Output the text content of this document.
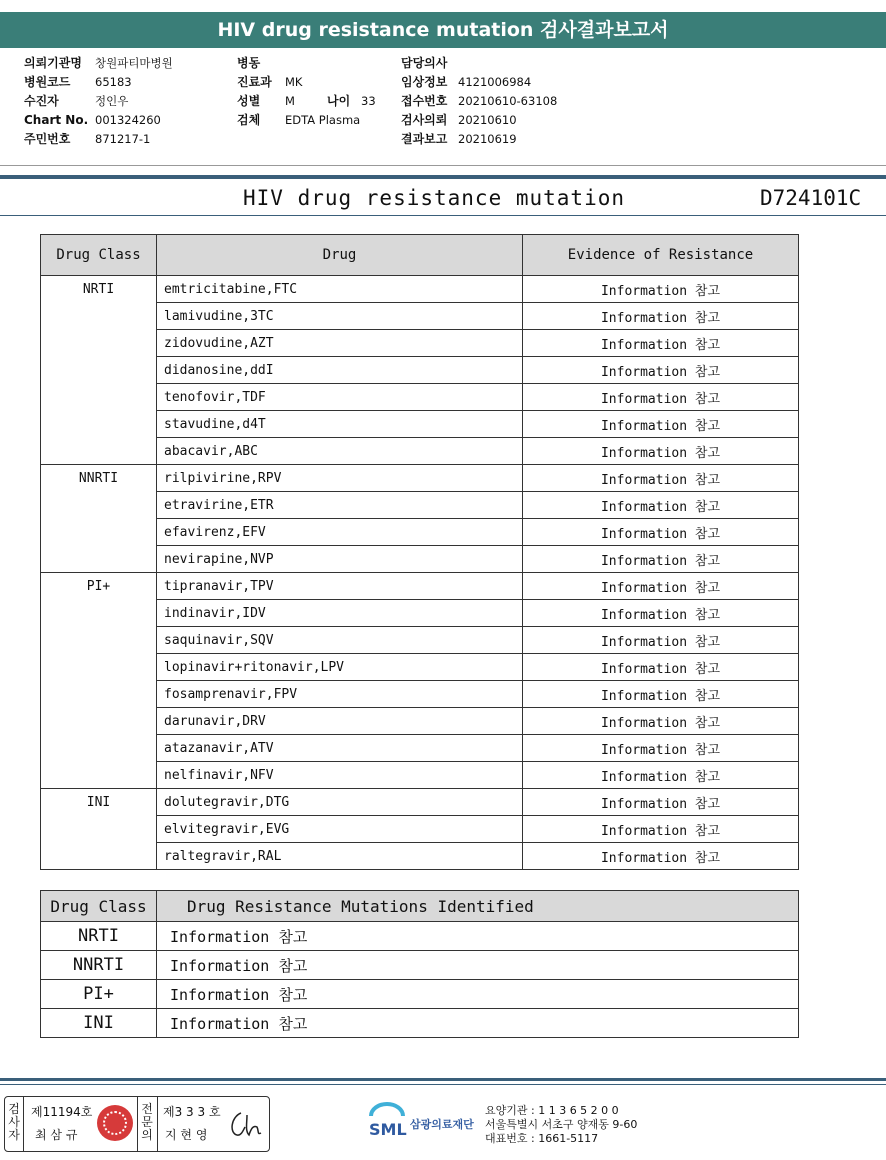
HIV drug resistance mutation 검사결과보고서
의뢰기관명 창원파티마병원
병원코드 65183
수진자	정인우
Chart No. 001324260
주민번호 871217-1
병동
진료과 MK
성별 M	나이 33
검체 EDTA Plasma
담당의사
임상정보 4121006984
접수번호 20210610-63108
검사의뢰 20210610
결과보고 20210619
HIV drug resistance mutation	D724101C
Drug Class	Drug	Evidence of Resistance
NRTI	emtricitabine,FTC	Information 참고
	lamivudine,3TC	Information 참고
	zidovudine,AZT	Information 참고
	didanosine,ddI	Information 참고
	tenofovir,TDF	Information 참고
	stavudine,d4T	Information 참고
	abacavir,ABC	Information 참고
NNRTI	rilpivirine,RPV	Information 참고
	etravirine,ETR	Information 참고
	efavirenz,EFV	Information 참고
	nevirapine,NVP	Information 참고
PI+	tipranavir,TPV	Information 참고
	indinavir,IDV	Information 참고
	saquinavir,SQV	Information 참고
	lopinavir+ritonavir,LPV	Information 참고
	fosamprenavir,FPV	Information 참고
	darunavir,DRV	Information 참고
	atazanavir,ATV	Information 참고
	nelfinavir,NFV	Information 참고
INI	dolutegravir,DTG	Information 참고
	elvitegravir,EVG	Information 참고
	raltegravir,RAL	Information 참고
Drug Class	Drug Resistance Mutations Identified
NRTI	Information 참고
NNRTI	Information 참고
PI+	Information 참고
INI	Information 참고
검
사
자
제11194호
최 삼 규
전
문
의
제3 3 3 호
지 현 영	SML 삼광의료재단
요양기관 : 1 1 3 6 5 2 0 0
서울특별시 서초구 양재동 9-60
대표번호 : 1661-5117
